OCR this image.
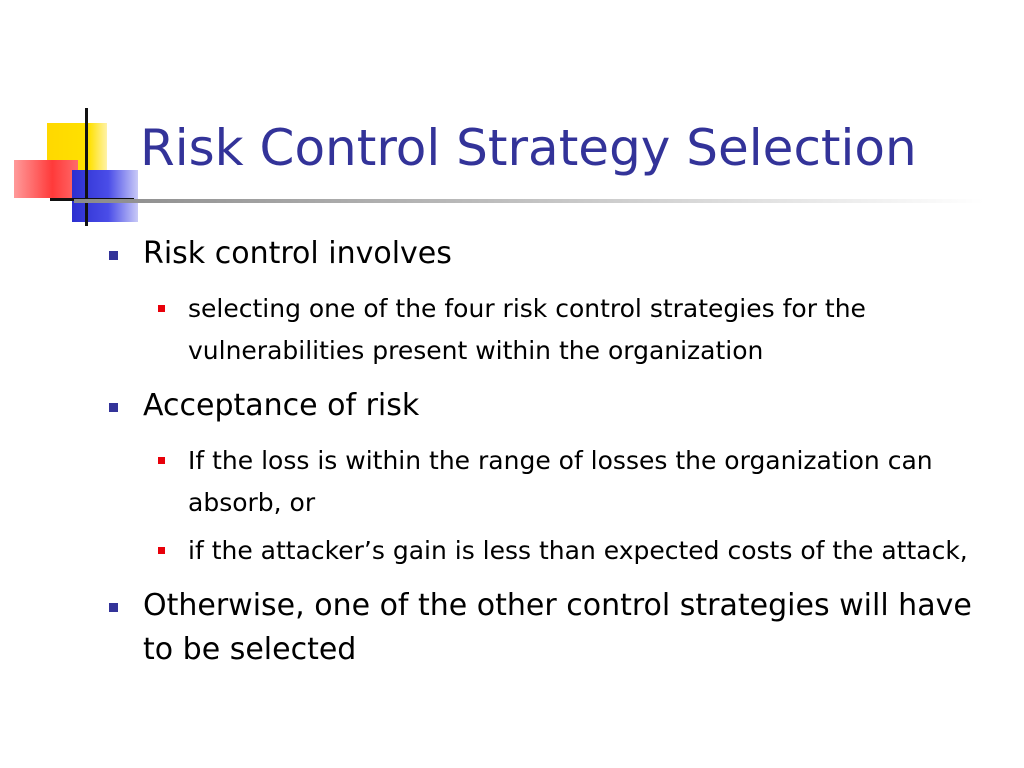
Risk Control Strategy Selection

Risk control involves

selecting one of the four risk control strategies for the vulnerabilities present within the organization

Acceptance of risk

If the loss is within the range of losses the organization can absorb, or

if the attacker’s gain is less than expected costs of the attack,

Otherwise, one of the other control strategies will have to be selected
